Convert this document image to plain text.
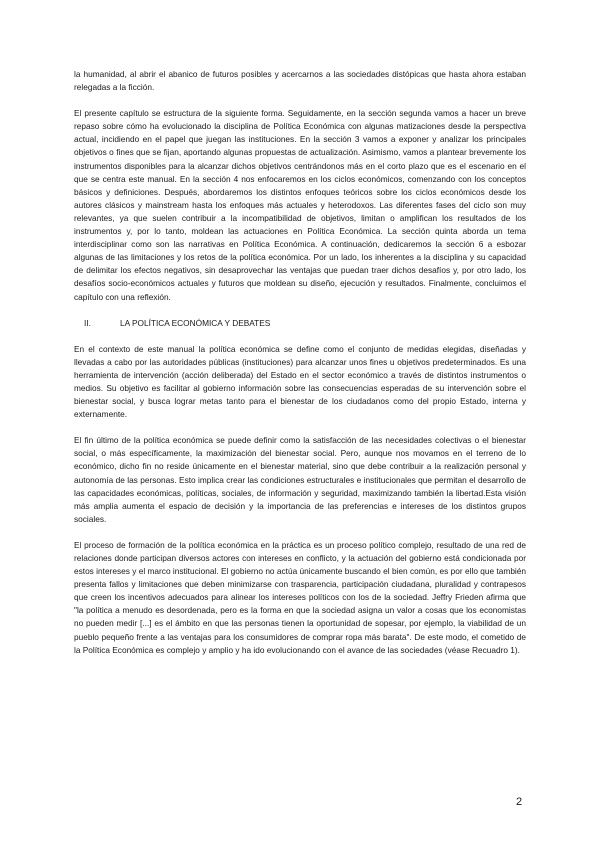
la humanidad, al abrir el abanico de futuros posibles y acercarnos a las sociedades distópicas que hasta ahora estaban relegadas a la ficción.

El presente capítulo se estructura de la siguiente forma. Seguidamente, en la sección segunda vamos a hacer un breve repaso sobre cómo ha evolucionado la disciplina de Política Económica con algunas matizaciones desde la perspectiva actual, incidiendo en el papel que juegan las instituciones. En la sección 3 vamos a exponer y analizar los principales objetivos o fines que se fijan, aportando algunas propuestas de actualización. Asimismo, vamos a plantear brevemente los instrumentos disponibles para la alcanzar dichos objetivos centrándonos más en el corto plazo que es el escenario en el que se centra este manual. En la sección 4 nos enfocaremos en los ciclos económicos, comenzando con los conceptos básicos y definiciones. Después, abordaremos los distintos enfoques teóricos sobre los ciclos económicos desde los autores clásicos y mainstream hasta los enfoques más actuales y heterodoxos. Las diferentes fases del ciclo son muy relevantes, ya que suelen contribuir a la incompatibilidad de objetivos, limitan o amplifican los resultados de los instrumentos y, por lo tanto, moldean las actuaciones en Política Económica. La sección quinta aborda un tema interdisciplinar como son las narrativas en Política Económica. A continuación, dedicaremos la sección 6 a esbozar algunas de las limitaciones y los retos de la política económica. Por un lado, los inherentes a la disciplina y su capacidad de delimitar los efectos negativos, sin desaprovechar las ventajas que puedan traer dichos desafíos y, por otro lado, los desafíos socio-económicos actuales y futuros que moldean su diseño, ejecución y resultados. Finalmente, concluimos el capítulo con una reflexión.

II.	LA POLÍTICA ECONÓMICA Y DEBATES

En el contexto de este manual la política económica se define como el conjunto de medidas elegidas, diseñadas y llevadas a cabo por las autoridades públicas (instituciones) para alcanzar unos fines u objetivos predeterminados. Es una herramienta de intervención (acción deliberada) del Estado en el sector económico a través de distintos instrumentos o medios. Su objetivo es facilitar al gobierno información sobre las consecuencias esperadas de su intervención sobre el bienestar social, y busca lograr metas tanto para el bienestar de los ciudadanos como del propio Estado, interna y externamente.

El fin último de la política económica se puede definir como la satisfacción de las necesidades colectivas o el bienestar social, o más específicamente, la maximización del bienestar social. Pero, aunque nos movamos en el terreno de lo económico, dicho fin no reside únicamente en el bienestar material, sino que debe contribuir a la realización personal y autonomía de las personas. Esto implica crear las condiciones estructurales e institucionales que permitan el desarrollo de las capacidades económicas, políticas, sociales, de información y seguridad, maximizando también la libertad.Esta visión más amplia aumenta el espacio de decisión y la importancia de las preferencias e intereses de los distintos grupos sociales.

El proceso de formación de la política económica en la práctica es un proceso político complejo, resultado de una red de relaciones donde participan diversos actores con intereses en conflicto, y la actuación del gobierno está condicionada por estos intereses y el marco institucional. El gobierno no actúa únicamente buscando el bien común, es por ello que también presenta fallos y limitaciones que deben minimizarse con trasparencia, participación ciudadana, pluralidad y contrapesos que creen los incentivos adecuados para alinear los intereses políticos con los de la sociedad. Jeffry Frieden afirma que "la política a menudo es desordenada, pero es la forma en que la sociedad asigna un valor a cosas que los economistas no pueden medir [...] es el ámbito en que las personas tienen la oportunidad de sopesar, por ejemplo, la viabilidad de un pueblo pequeño frente a las ventajas para los consumidores de comprar ropa más barata". De este modo, el cometido de la Política Económica es complejo y amplio y ha ido evolucionando con el avance de las sociedades (véase Recuadro 1).

2
